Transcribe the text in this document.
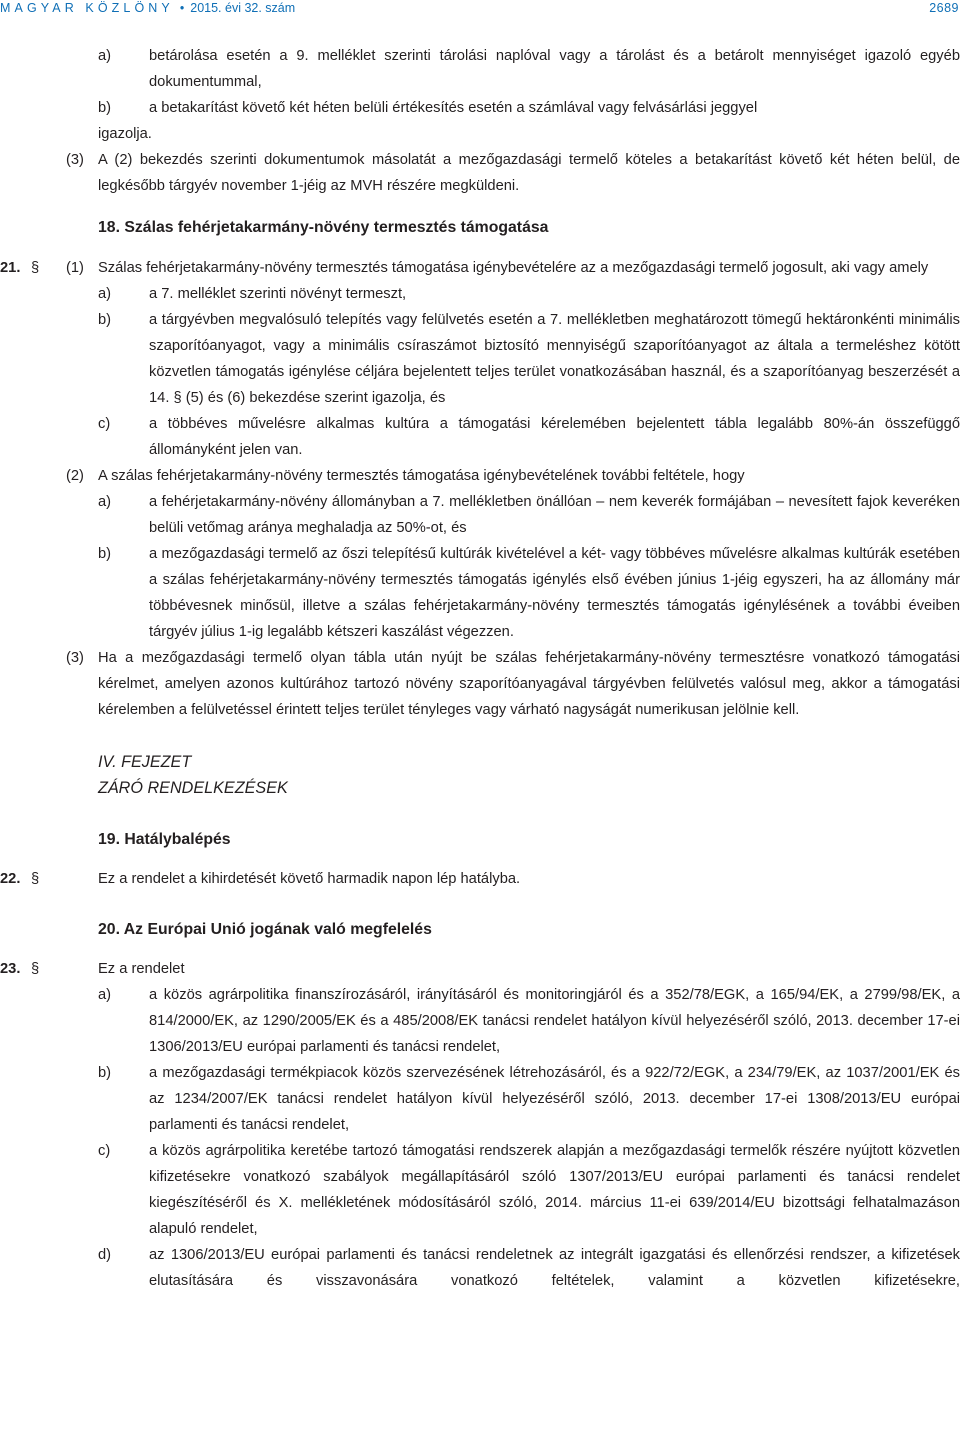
MAGYAR KÖZLÖNY • 2015. évi 32. szám	2689
a)	betárolása esetén a 9. melléklet szerinti tárolási naplóval vagy a tárolást és a betárolt mennyiséget igazoló egyéb dokumentummal,
b)	a betakarítást követő két héten belüli értékesítés esetén a számlával vagy felvásárlási jeggyel
igazolja.
(3) A (2) bekezdés szerinti dokumentumok másolatát a mezőgazdasági termelő köteles a betakarítást követő két héten belül, de legkésőbb tárgyév november 1-jéig az MVH részére megküldeni.
18. Szálas fehérjetakarmány-növény termesztés támogatása
21. § (1) Szálas fehérjetakarmány-növény termesztés támogatása igénybevételére az a mezőgazdasági termelő jogosult, aki vagy amely
a)	a 7. melléklet szerinti növényt termeszt,
b)	a tárgyévben megvalósuló telepítés vagy felülvetés esetén a 7. mellékletben meghatározott tömegű hektáronkénti minimális szaporítóanyagot, vagy a minimális csíraszámot biztosító mennyiségű szaporítóanyagot az általa a termeléshez kötött közvetlen támogatás igénylése céljára bejelentett teljes terület vonatkozásában használ, és a szaporítóanyag beszerzését a 14. § (5) és (6) bekezdése szerint igazolja, és
c)	a többéves művelésre alkalmas kultúra a támogatási kérelemében bejelentett tábla legalább 80%-án összefüggő állományként jelen van.
(2) A szálas fehérjetakarmány-növény termesztés támogatása igénybevételének további feltétele, hogy
a)	a fehérjetakarmány-növény állományban a 7. mellékletben önállóan – nem keverék formájában – nevesített fajok keveréken belüli vetőmag aránya meghaladja az 50%-ot, és
b)	a mezőgazdasági termelő az őszi telepítésű kultúrák kivételével a két- vagy többéves művelésre alkalmas kultúrák esetében a szálas fehérjetakarmány-növény termesztés támogatás igénylés első évében június 1-jéig egyszeri, ha az állomány már többévesnek minősül, illetve a szálas fehérjetakarmány-növény termesztés támogatás igénylésének a további éveiben tárgyév július 1-ig legalább kétszeri kaszálást végezzen.
(3) Ha a mezőgazdasági termelő olyan tábla után nyújt be szálas fehérjetakarmány-növény termesztésre vonatkozó támogatási kérelmet, amelyen azonos kultúrához tartozó növény szaporítóanyagával tárgyévben felülvetés valósul meg, akkor a támogatási kérelemben a felülvetéssel érintett teljes terület tényleges vagy várható nagyságát numerikusan jelölnie kell.
IV. FEJEZET
ZÁRÓ RENDELKEZÉSEK
19. Hatálybalépés
22. §	Ez a rendelet a kihirdetését követő harmadik napon lép hatályba.
20. Az Európai Unió jogának való megfelelés
23. §	Ez a rendelet
a)	a közös agrárpolitika finanszírozásáról, irányításáról és monitoringjáról és a 352/78/EGK, a 165/94/EK, a 2799/98/EK, a 814/2000/EK, az 1290/2005/EK és a 485/2008/EK tanácsi rendelet hatályon kívül helyezéséről szóló, 2013. december 17-ei 1306/2013/EU európai parlamenti és tanácsi rendelet,
b)	a mezőgazdasági termékpiacok közös szervezésének létrehozásáról, és a 922/72/EGK, a 234/79/EK, az 1037/2001/EK és az 1234/2007/EK tanácsi rendelet hatályon kívül helyezéséről szóló, 2013. december 17-ei 1308/2013/EU európai parlamenti és tanácsi rendelet,
c)	a közös agrárpolitika keretébe tartozó támogatási rendszerek alapján a mezőgazdasági termelők részére nyújtott közvetlen kifizetésekre vonatkozó szabályok megállapításáról szóló 1307/2013/EU európai parlamenti és tanácsi rendelet kiegészítéséről és X. mellékletének módosításáról szóló, 2014. március 11-ei 639/2014/EU bizottsági felhatalmazáson alapuló rendelet,
d)	az 1306/2013/EU európai parlamenti és tanácsi rendeletnek az integrált igazgatási és ellenőrzési rendszer, a kifizetések elutasítására és visszavonására vonatkozó feltételek, valamint a közvetlen kifizetésekre,
